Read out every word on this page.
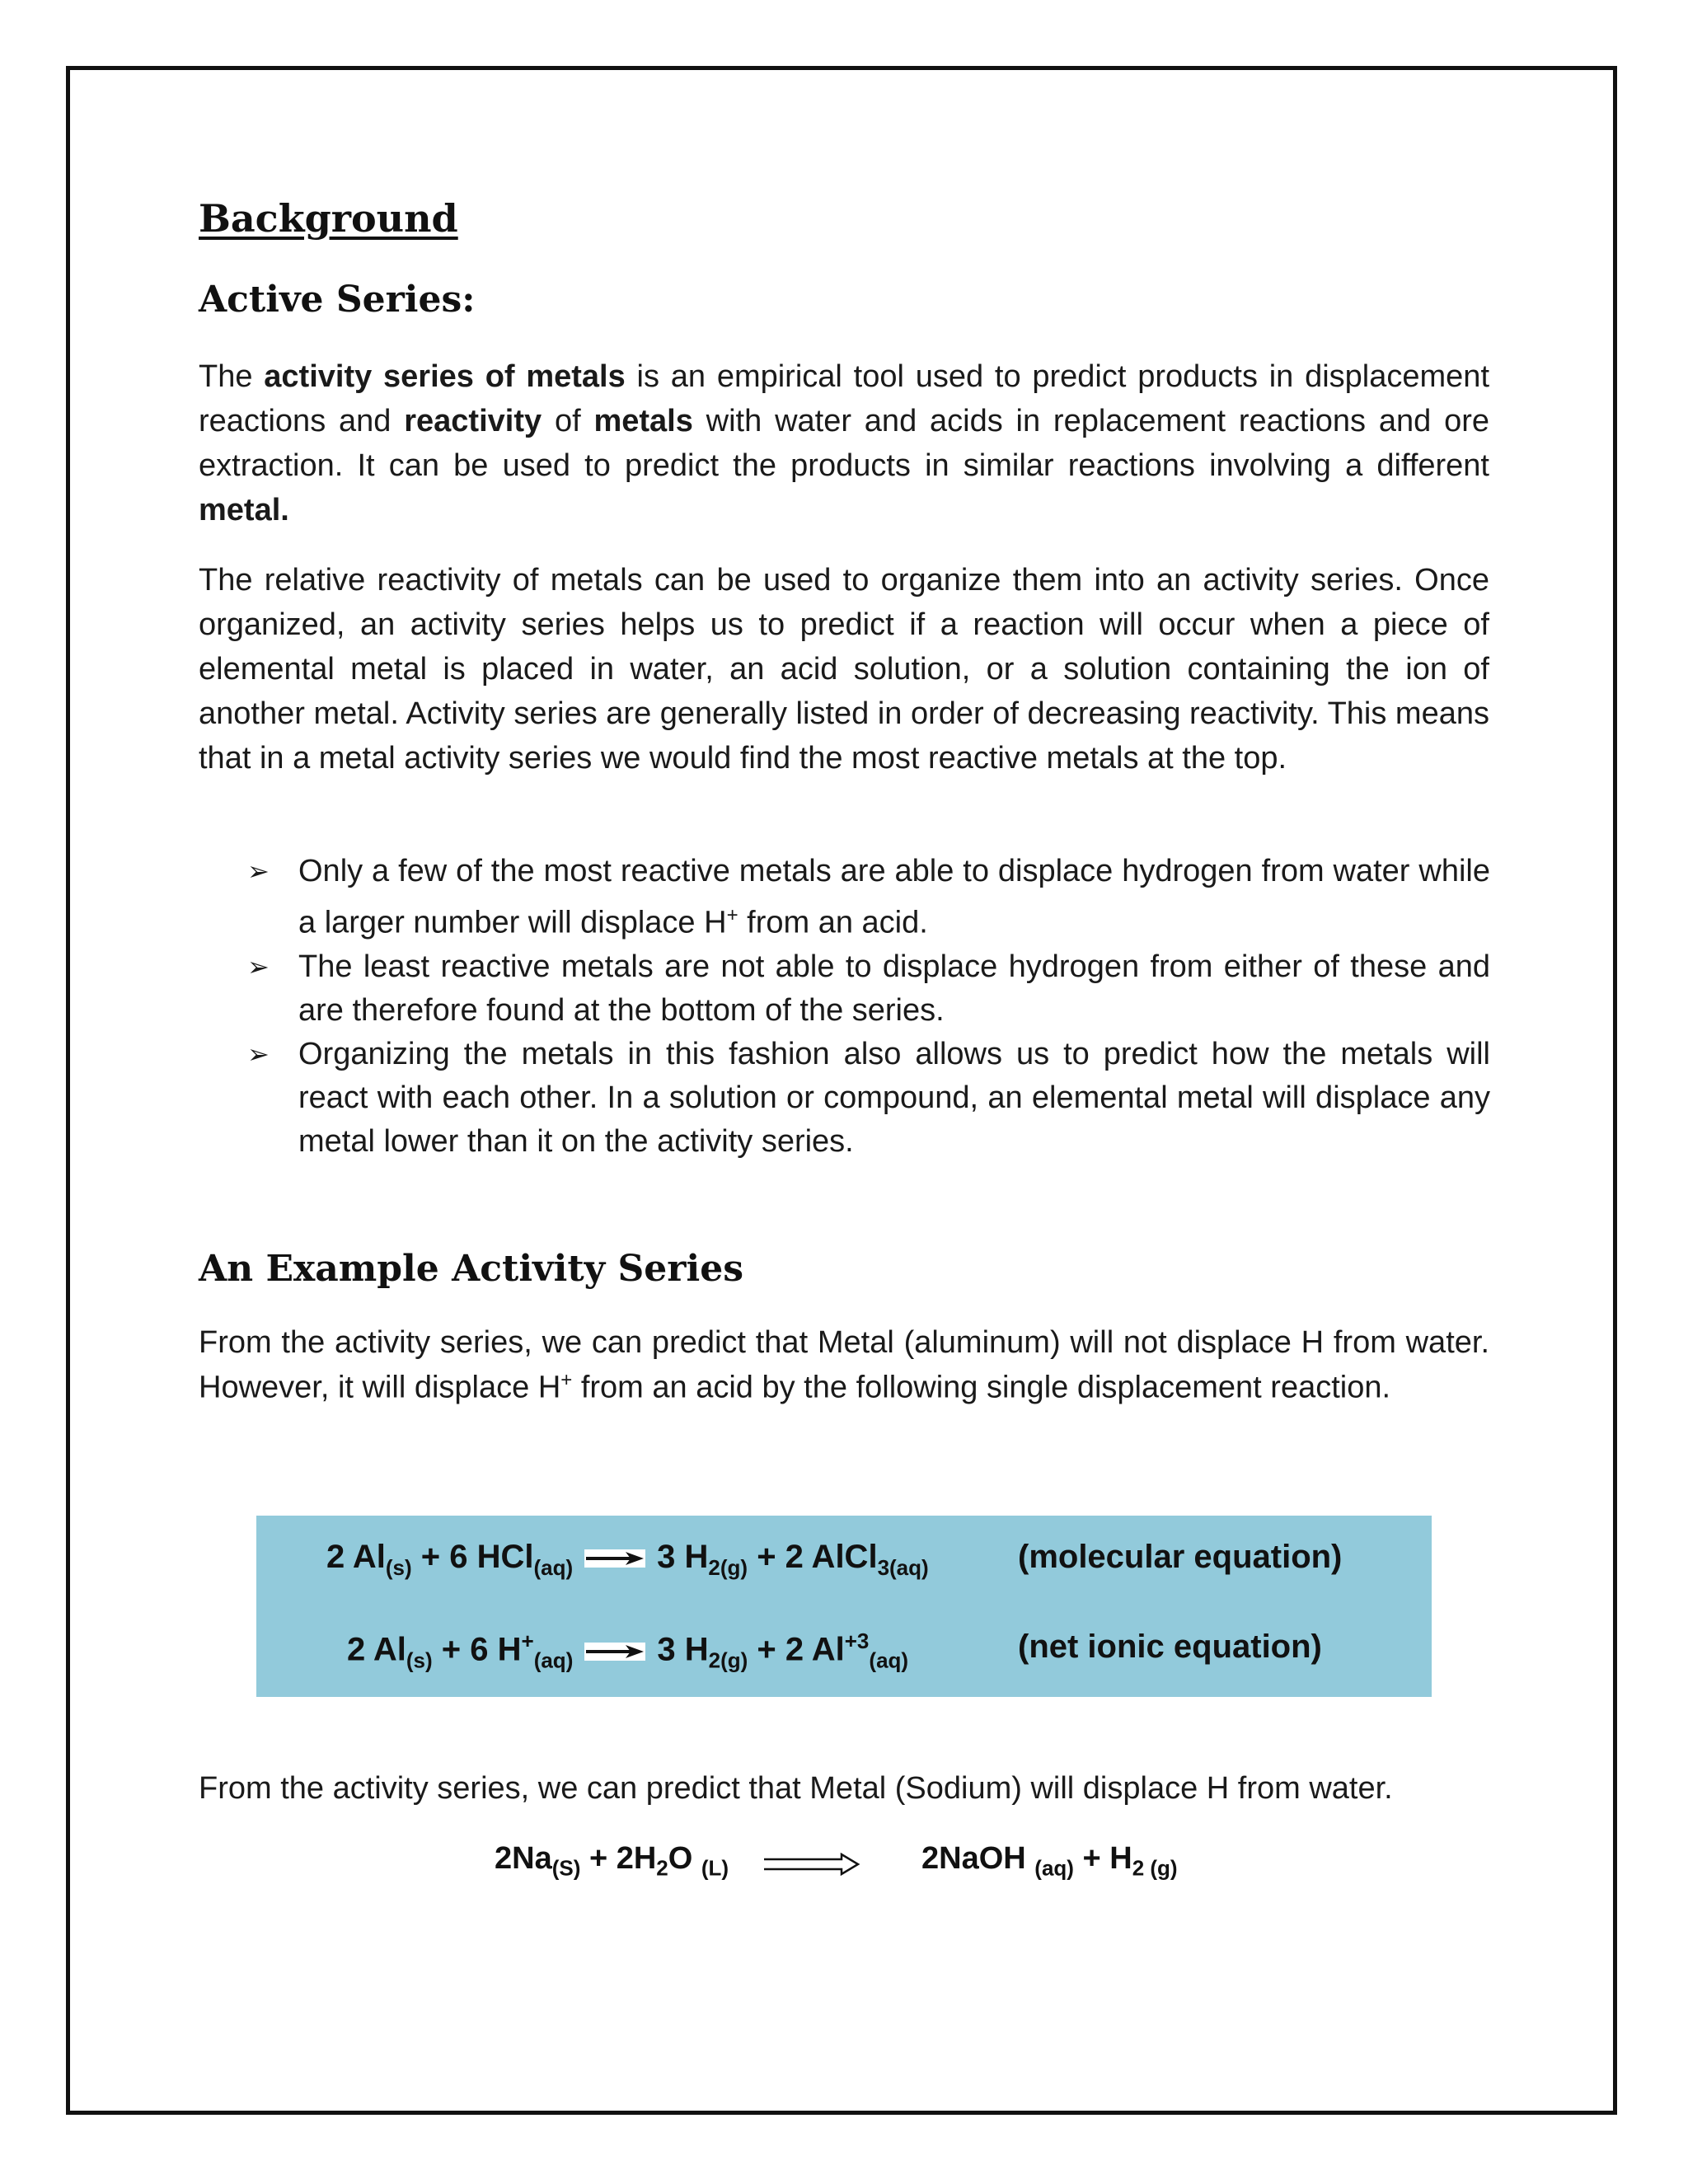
Background
Active Series:

The activity series of metals is an empirical tool used to predict products in displacement reactions and reactivity of metals with water and acids in replacement reactions and ore extraction. It can be used to predict the products in similar reactions involving a different metal.

The relative reactivity of metals can be used to organize them into an activity series. Once organized, an activity series helps us to predict if a reaction will occur when a piece of elemental metal is placed in water, an acid solution, or a solution containing the ion of another metal. Activity series are generally listed in order of decreasing reactivity. This means that in a metal activity series we would find the most reactive metals at the top.

➢ Only a few of the most reactive metals are able to displace hydrogen from water while a larger number will displace H+ from an acid.
➢ The least reactive metals are not able to displace hydrogen from either of these and are therefore found at the bottom of the series.
➢ Organizing the metals in this fashion also allows us to predict how the metals will react with each other. In a solution or compound, an elemental metal will displace any metal lower than it on the activity series.
An Example Activity Series

From the activity series, we can predict that Metal (aluminum) will not displace H from water. However, it will displace H+ from an acid by the following single displacement reaction.

2 $Al_{(s)} + 6$ HCl$_{(aq)}$	3 $H_{2(g)} + 2$ AlCl$_{3(aq)}$	(molecular equation)
2 $Al_{(s)} + 6$ $H^+_{(aq)}$	3 $H_{2(g)} + 2$ $Al^{+3}_{(aq)}$	(net ionic equation)

From the activity series, we can predict that Metal (Sodium) will displace H from water.

$2Na_{(S)} + 2H_2O$ $_{(L)}$	2NaOH $_{(aq)} + H_{2 (g)}$
